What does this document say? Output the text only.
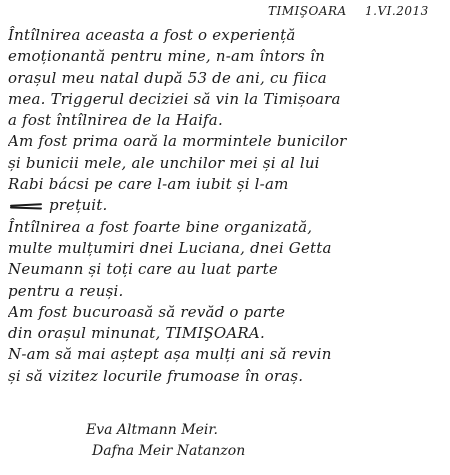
TIMIŞOARA 1.VI.2013
Întîlnirea aceasta a fost o experiență
emoționantă pentru mine, n-am întors în
orașul meu natal după 53 de ani, cu fiica
mea. Triggerul deciziei să vin la Timișoara
a fost întîlnirea de la Haifa.
Am fost prima oară la mormintele bunicilor
și bunicii mele, ale unchilor mei și al lui
Rabi bácsi pe care l-am iubit și l-am
prețuit.
Întîlnirea a fost foarte bine organizată,
multe mulțumiri dnei Luciana, dnei Getta
Neumann și toți care au luat parte
pentru a reuși.
Am fost bucuroasă să revăd o parte
din orașul minunat, TIMIŞOARA.
N-am să mai aștept așa mulți ani să revin
și să vizitez locurile frumoase în oraș.
Eva Altmann Meir.
Dafna Meir Natanzon
